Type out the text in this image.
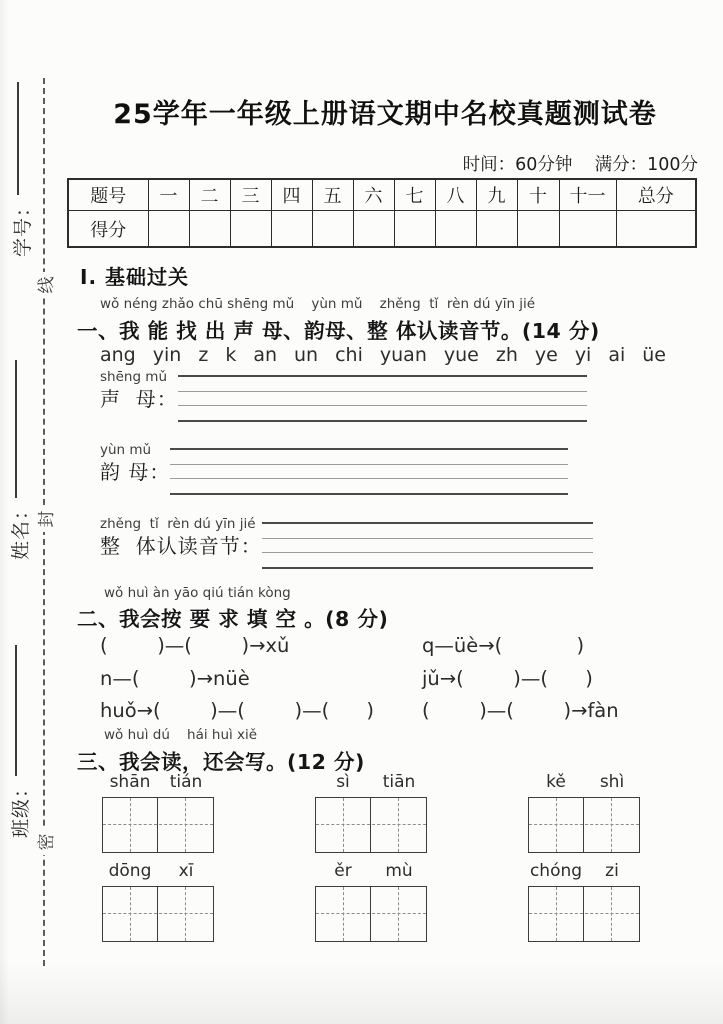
学号：
姓名：
班级：
线
封
密
25学年一年级上册语文期中名校真题测试卷
时间：60分钟    满分：100分
题号	一	二	三	四	五	六	七	八	九	十	十一	总分
得分												
Ⅰ. 基础过关
wǒ néng zhǎo chū shēng mǔ    yùn mǔ    zhěng  tǐ  rèn dú yīn jié
一、我 能 找 出 声 母、韵母、整 体认读音节。(14 分)
ang yin z k an un chi yuan yue zh ye yi ai üe
shēng mǔ
声  母：
yùn mǔ
韵 母：
zhěng  tǐ  rèn dú yīn jié
整  体认读音节：
wǒ huì àn yāo qiú tián kòng
二、我会按 要 求 填 空 。(8 分)
(        )—(        )→xǔ	q—üè→(            )
n—(        )→nüè	jǔ→(        )—(      )
huǒ→(        )—(        )—(      )	(        )—(        )→fàn
wǒ huì dú    hái huì xiě
三、我会读，还会写。(12 分)
shān	tián	sì	tiān	kě	shì
dōng	xī	ěr	mù	chóng	zi
